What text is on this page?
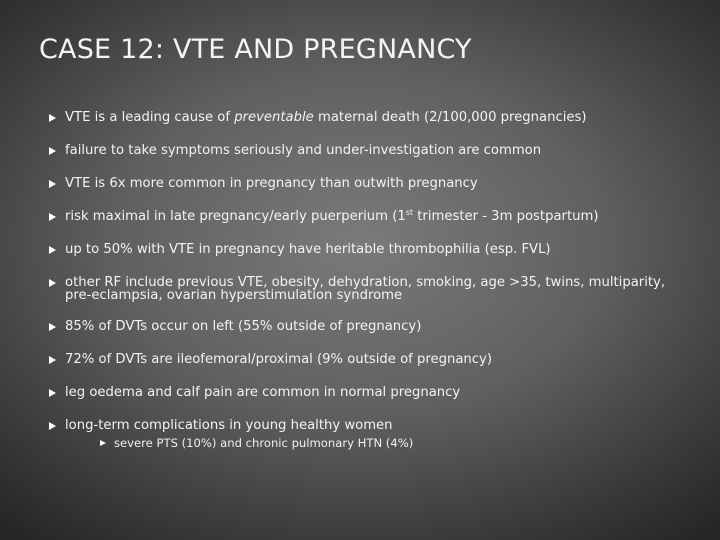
CASE 12: VTE AND PREGNANCY
VTE is a leading cause of preventable maternal death (2/100,000 pregnancies)
failure to take symptoms seriously and under-investigation are common
VTE is 6x more common in pregnancy than outwith pregnancy
risk maximal in late pregnancy/early puerperium (1st trimester - 3m postpartum)
up to 50% with VTE in pregnancy have heritable thrombophilia (esp. FVL)
other RF include previous VTE, obesity, dehydration, smoking, age >35, twins, multiparity,
pre-eclampsia, ovarian hyperstimulation syndrome
85% of DVTs occur on left (55% outside of pregnancy)
72% of DVTs are ileofemoral/proximal (9% outside of pregnancy)
leg oedema and calf pain are common in normal pregnancy
long-term complications in young healthy women
severe PTS (10%) and chronic pulmonary HTN (4%)
